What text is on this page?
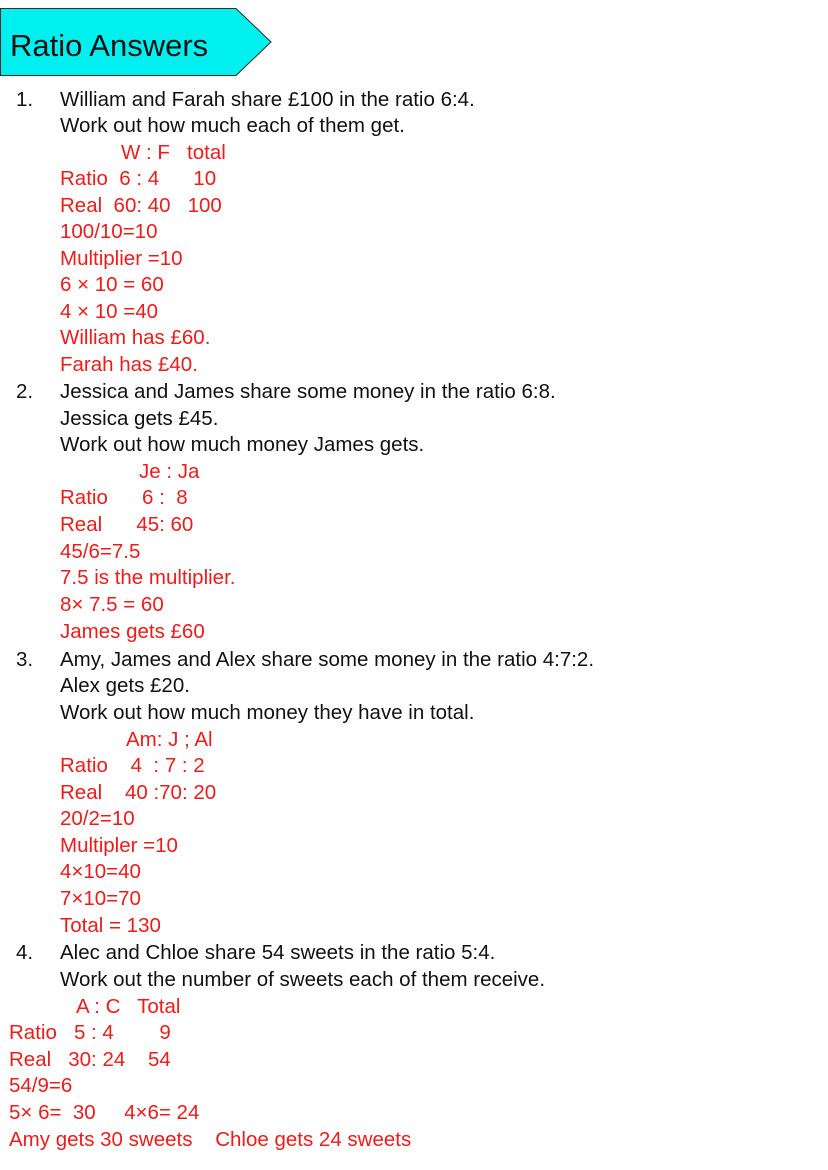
Ratio Answers
1. William and Farah share £100 in the ratio 6:4.
Work out how much each of them get.
W : F   total
Ratio  6 : 4      10
Real  60: 40   100
100/10=10
Multiplier =10
6 × 10 = 60
4 × 10 =40
William has £60.
Farah has £40.
2. Jessica and James share some money in the ratio 6:8.
Jessica gets £45.
Work out how much money James gets.
Je : Ja
Ratio      6 :  8
Real      45: 60
45/6=7.5
7.5 is the multiplier.
8× 7.5 = 60
James gets £60
3. Amy, James and Alex share some money in the ratio 4:7:2.
Alex gets £20.
Work out how much money they have in total.
Am: J ; Al
Ratio    4  : 7 : 2
Real    40 :70: 20
20/2=10
Multipler =10
4×10=40
7×10=70
Total = 130
4. Alec and Chloe share 54 sweets in the ratio 5:4.
Work out the number of sweets each of them receive.
A : C   Total
Ratio   5 : 4        9
Real   30: 24    54
54/9=6
5× 6=  30     4×6= 24
Amy gets 30 sweets    Chloe gets 24 sweets
